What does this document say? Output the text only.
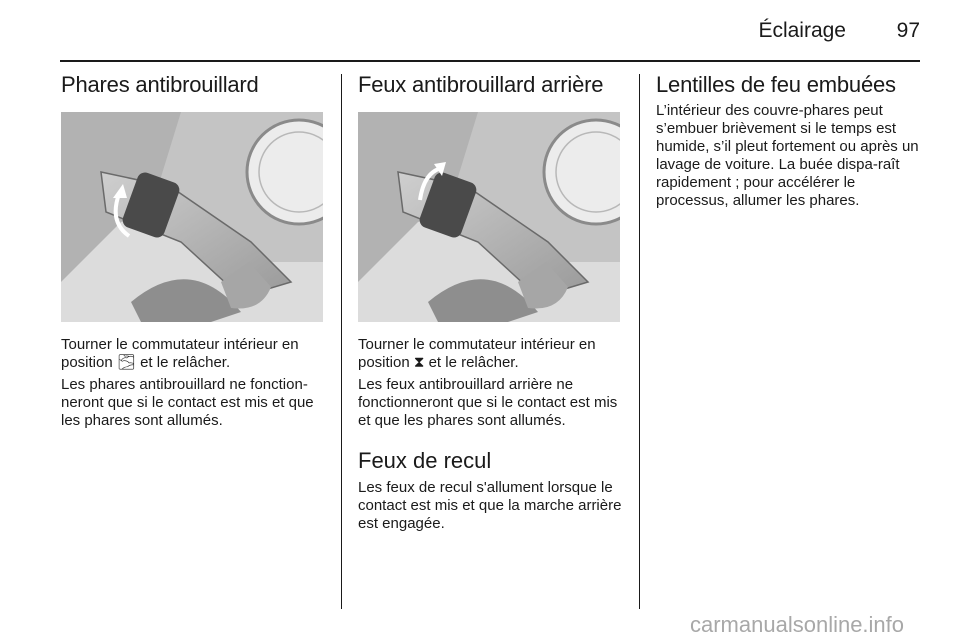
Éclairage	97
Phares antibrouillard

Tourner le commutateur intérieur en position 🌫 et le relâcher.

Les phares antibrouillard ne fonction-neront que si le contact est mis et que les phares sont allumés.

Feux antibrouillard arrière

Tourner le commutateur intérieur en position ⧗ et le relâcher.

Les feux antibrouillard arrière ne fonctionneront que si le contact est mis et que les phares sont allumés.

Feux de recul

Les feux de recul s'allument lorsque le contact est mis et que la marche arrière est engagée.

Lentilles de feu embuées

L’intérieur des couvre-phares peut s’embuer brièvement si le temps est humide, s’il pleut fortement ou après un lavage de voiture. La buée dispa-raît rapidement ; pour accélérer le processus, allumer les phares.

carmanualsonline.info
